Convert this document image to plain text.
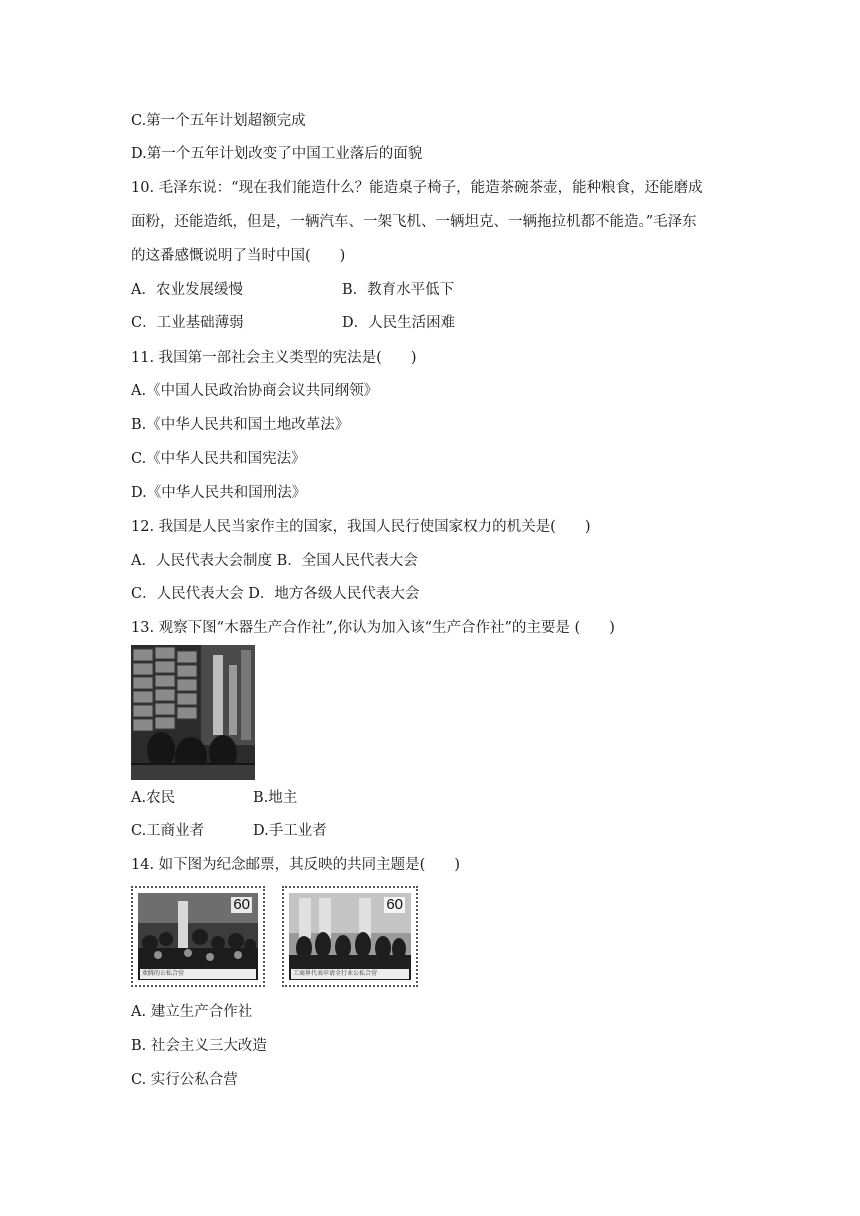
C.第一个五年计划超额完成
D.第一个五年计划改变了中国工业落后的面貌
10. 毛泽东说：“现在我们能造什么？能造桌子椅子，能造茶碗茶壶，能种粮食，还能磨成
面粉，还能造纸，但是，一辆汽车、一架飞机、一辆坦克、一辆拖拉机都不能造。”毛泽东
的这番感慨说明了当时中国(　　)
A．农业发展缓慢	B．教育水平低下
C．工业基础薄弱	D．人民生活困难
11. 我国第一部社会主义类型的宪法是(　　)
A.《中国人民政治协商会议共同纲领》
B.《中华人民共和国土地改革法》
C.《中华人民共和国宪法》
D.《中华人民共和国刑法》
12. 我国是人民当家作主的国家，我国人民行使国家权力的机关是(　　)
A．人民代表大会制度 B．全国人民代表大会
C．人民代表大会 D．地方各级人民代表大会
13. 观察下图“木器生产合作社”,你认为加入该“生产合作社”的主要是 (　　)
A.农民	B.地主
C.工商业者	D.手工业者
14. 如下图为纪念邮票，其反映的共同主题是(　　)
60
欢腾的公私合营
60
工商界代表申请全行业公私合营
A. 建立生产合作社
B. 社会主义三大改造
C. 实行公私合营
